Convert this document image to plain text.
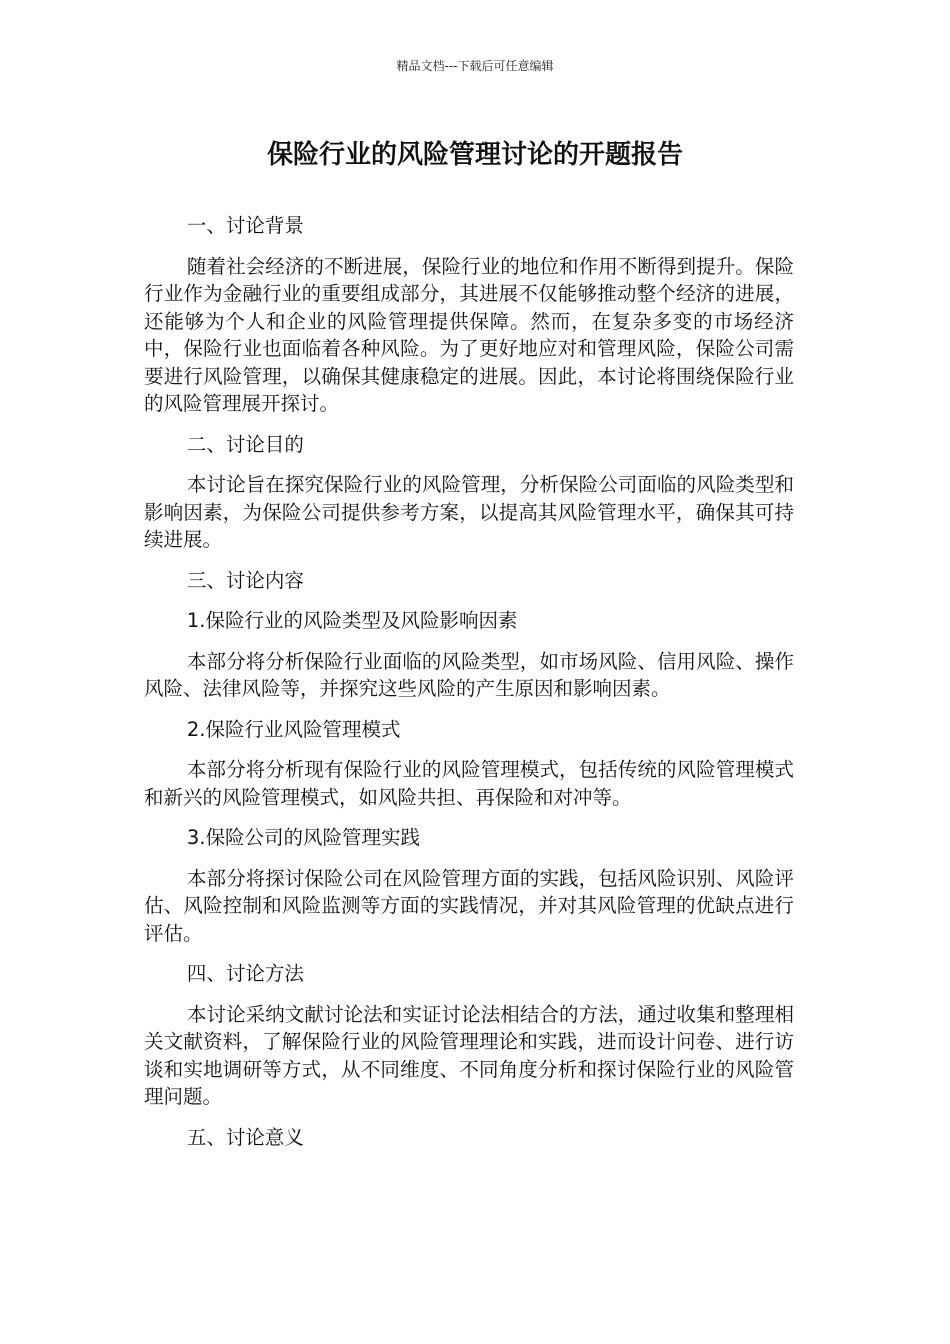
精品文档---下载后可任意编辑
保险行业的风险管理讨论的开题报告

一、讨论背景

随着社会经济的不断进展，保险行业的地位和作用不断得到提升。保险行业作为金融行业的重要组成部分，其进展不仅能够推动整个经济的进展，还能够为个人和企业的风险管理提供保障。然而，在复杂多变的市场经济中，保险行业也面临着各种风险。为了更好地应对和管理风险，保险公司需要进行风险管理，以确保其健康稳定的进展。因此，本讨论将围绕保险行业的风险管理展开探讨。

二、讨论目的

本讨论旨在探究保险行业的风险管理，分析保险公司面临的风险类型和影响因素，为保险公司提供参考方案，以提高其风险管理水平，确保其可持续进展。

三、讨论内容

1.保险行业的风险类型及风险影响因素

本部分将分析保险行业面临的风险类型，如市场风险、信用风险、操作风险、法律风险等，并探究这些风险的产生原因和影响因素。

2.保险行业风险管理模式

本部分将分析现有保险行业的风险管理模式，包括传统的风险管理模式和新兴的风险管理模式，如风险共担、再保险和对冲等。

3.保险公司的风险管理实践

本部分将探讨保险公司在风险管理方面的实践，包括风险识别、风险评估、风险控制和风险监测等方面的实践情况，并对其风险管理的优缺点进行评估。

四、讨论方法

本讨论采纳文献讨论法和实证讨论法相结合的方法，通过收集和整理相关文献资料，了解保险行业的风险管理理论和实践，进而设计问卷、进行访谈和实地调研等方式，从不同维度、不同角度分析和探讨保险行业的风险管理问题。

五、讨论意义
